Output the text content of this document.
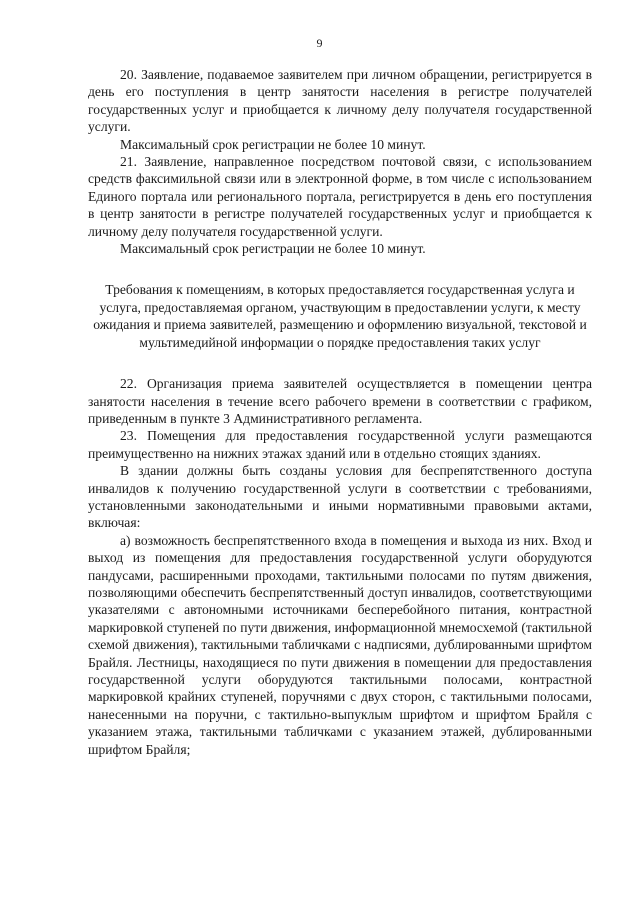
9

20. Заявление, подаваемое заявителем при личном обращении, регистрируется в день его поступления в центр занятости населения в регистре получателей государственных услуг и приобщается к личному делу получателя государственной услуги.

Максимальный срок регистрации не более 10 минут.

21. Заявление, направленное посредством почтовой связи, с использованием средств факсимильной связи или в электронной форме, в том числе с использованием Единого портала или регионального портала, регистрируется в день его поступления в центр занятости в регистре получателей государственных услуг и приобщается к личному делу получателя государственной услуги.

Максимальный срок регистрации не более 10 минут.

Требования к помещениям, в которых предоставляется государственная услуга и услуга, предоставляемая органом, участвующим в предоставлении услуги, к месту ожидания и приема заявителей, размещению и оформлению визуальной, текстовой и мультимедийной информации о порядке предоставления таких услуг

22. Организация приема заявителей осуществляется в помещении центра занятости населения в течение всего рабочего времени в соответствии с графиком, приведенным в пункте 3 Административного регламента.

23. Помещения для предоставления государственной услуги размещаются преимущественно на нижних этажах зданий или в отдельно стоящих зданиях.

В здании должны быть созданы условия для беспрепятственного доступа инвалидов к получению государственной услуги в соответствии с требованиями, установленными законодательными и иными нормативными правовыми актами, включая:

а) возможность беспрепятственного входа в помещения и выхода из них. Вход и выход из помещения для предоставления государственной услуги оборудуются пандусами, расширенными проходами, тактильными полосами по путям движения, позволяющими обеспечить беспрепятственный доступ инвалидов, соответствующими указателями с автономными источниками бесперебойного питания, контрастной маркировкой ступеней по пути движения, информационной мнемосхемой (тактильной схемой движения), тактильными табличками с надписями, дублированными шрифтом Брайля. Лестницы, находящиеся по пути движения в помещении для предоставления государственной услуги оборудуются тактильными полосами, контрастной маркировкой крайних ступеней, поручнями с двух сторон, с тактильными полосами, нанесенными на поручни, с тактильно-выпуклым шрифтом и шрифтом Брайля с указанием этажа, тактильными табличками с указанием этажей, дублированными шрифтом Брайля;
